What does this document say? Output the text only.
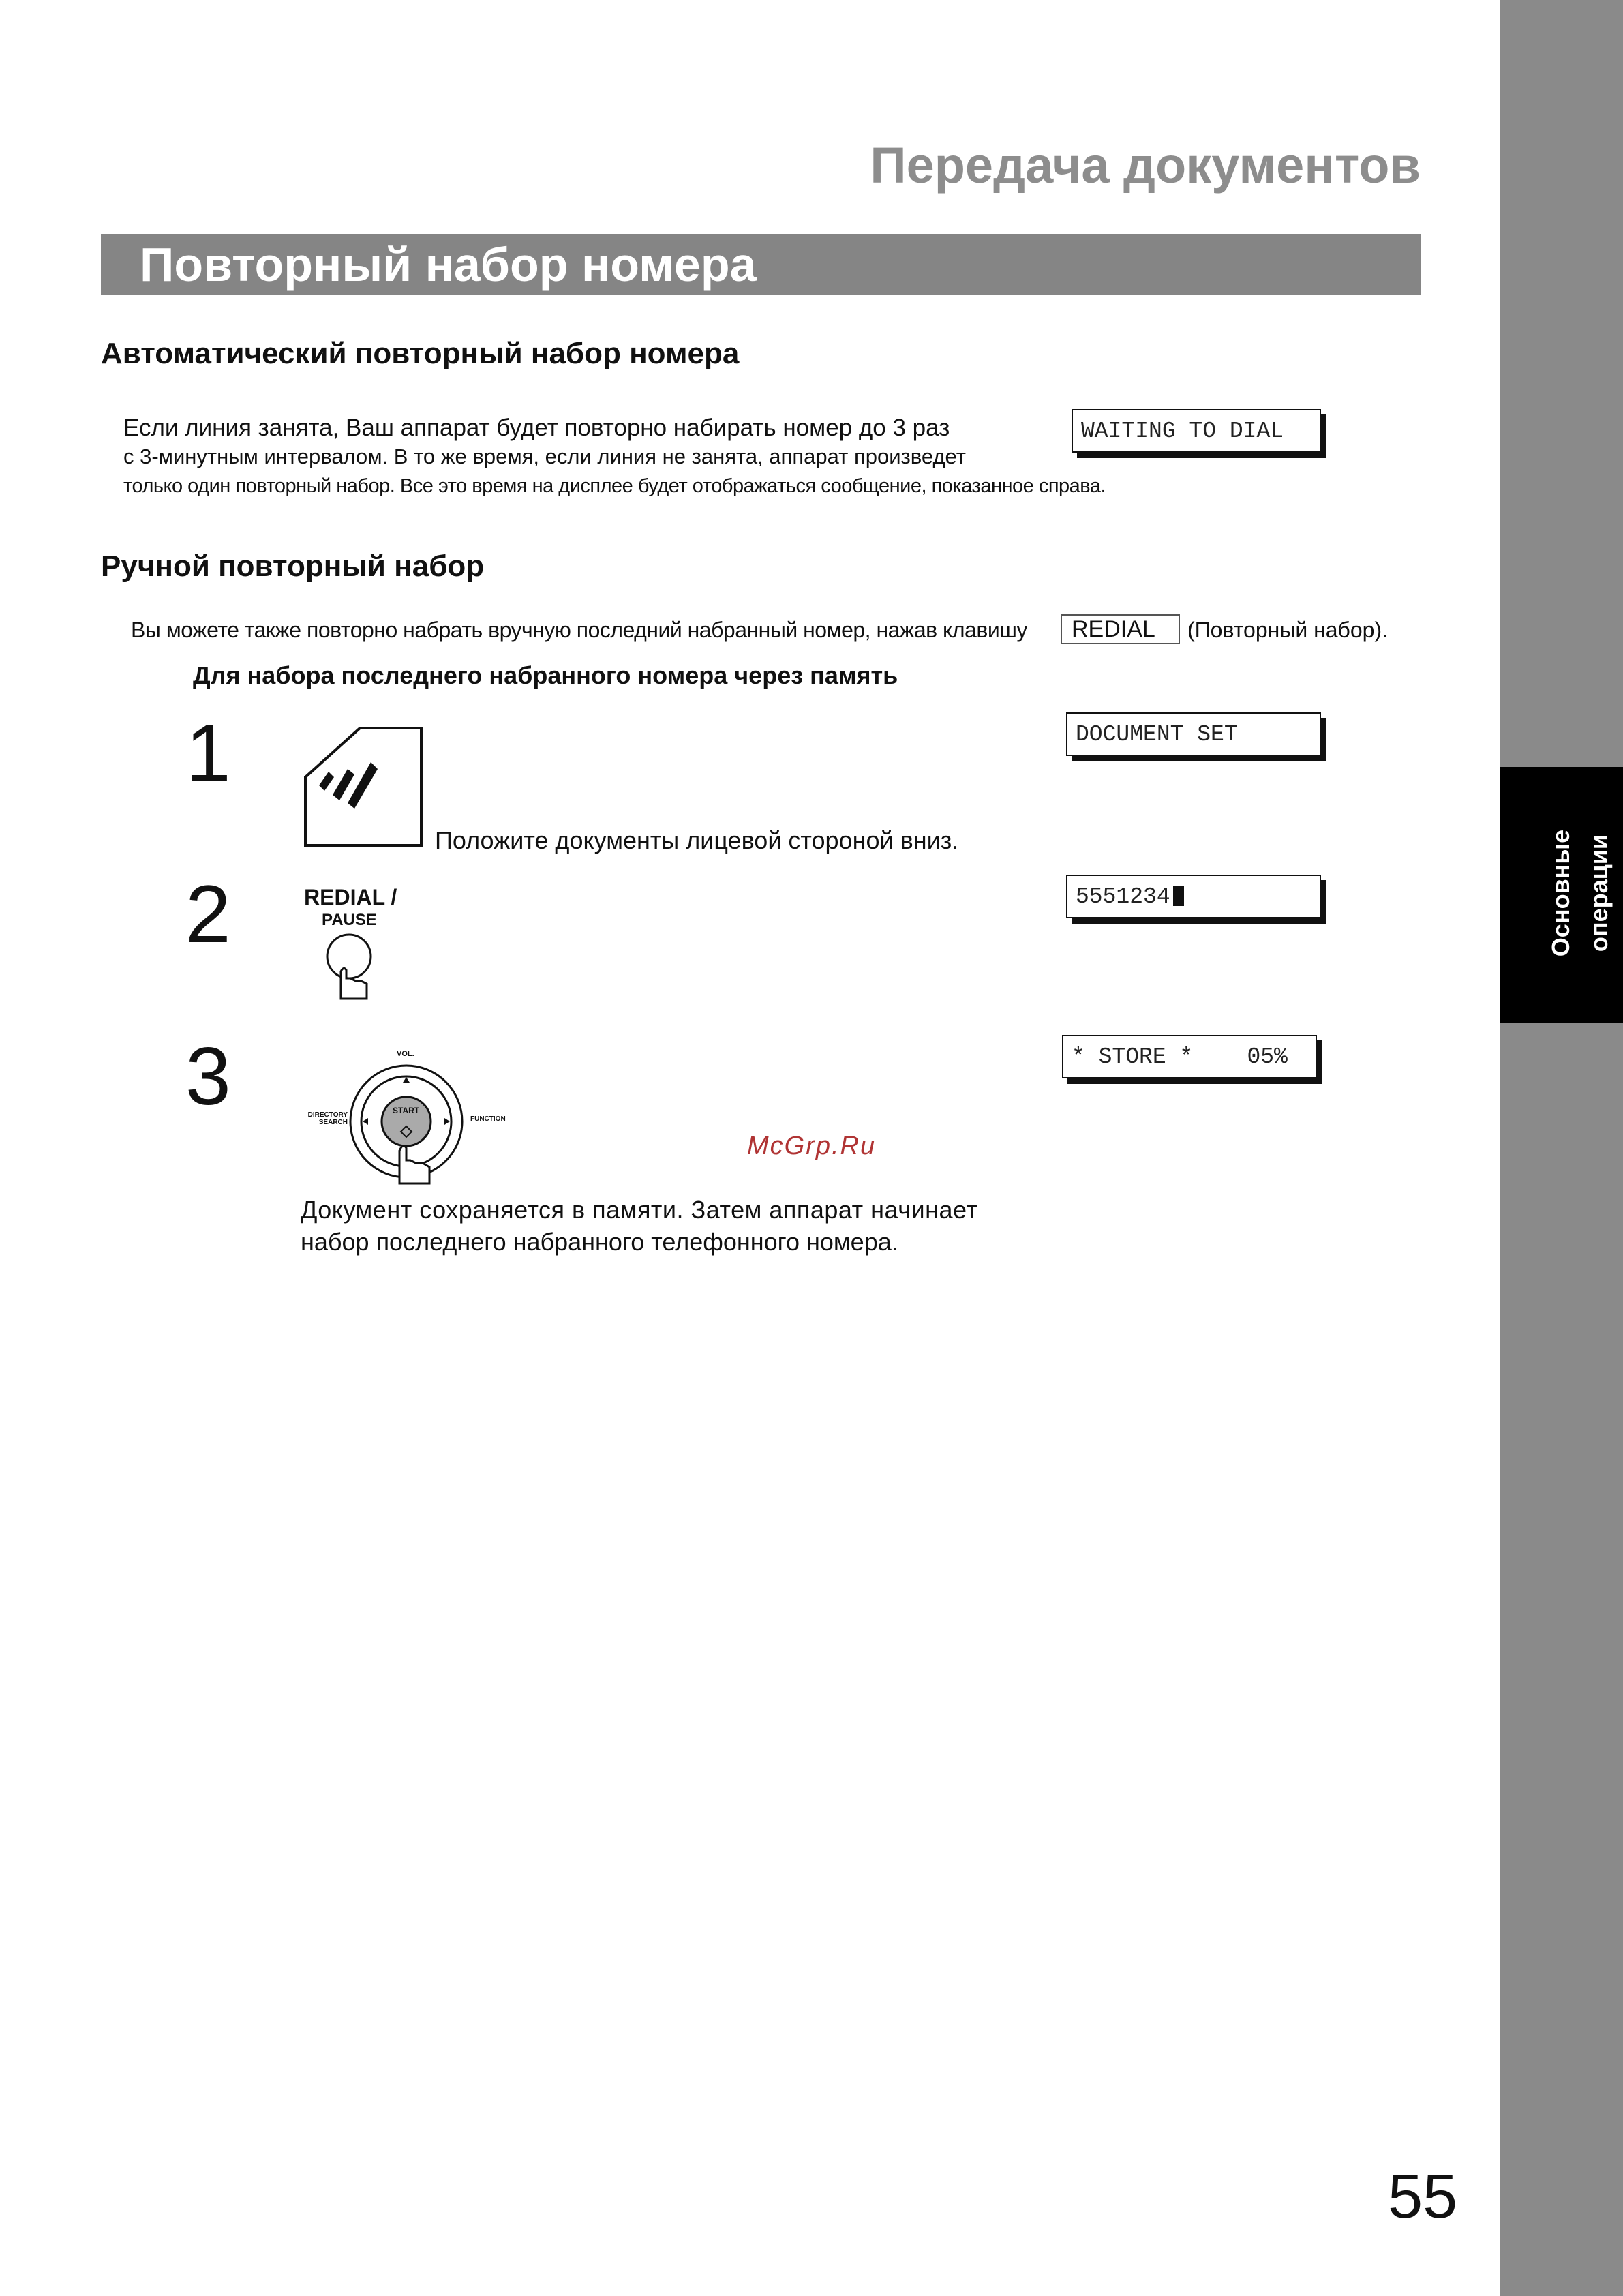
Основные операции
Передача документов
Повторный набор номера
Автоматический повторный набор номера
Если линия занята, Ваш аппарат будет повторно набирать номер до 3 раз
с 3-минутным интервалом. В то же время, если линия не занята, аппарат произведет
только один повторный набор. Все это время на дисплее будет отображаться сообщение, показанное справа.
WAITING TO DIAL
Ручной повторный набор
Вы можете также повторно набрать вручную последний набранный номер, нажав клавишу	REDIAL	(Повторный набор).
Для набора последнего набранного номера через память
1
Положите документы лицевой стороной вниз.
DOCUMENT SET
2	REDIAL /
PAUSE
5551234
3	* STORE *    05%
VOL.
START
DIRECTORY SEARCH	FUNCTION
McGrp.Ru
Документ сохраняется в памяти. Затем аппарат начинает
набор последнего набранного телефонного номера.
55
